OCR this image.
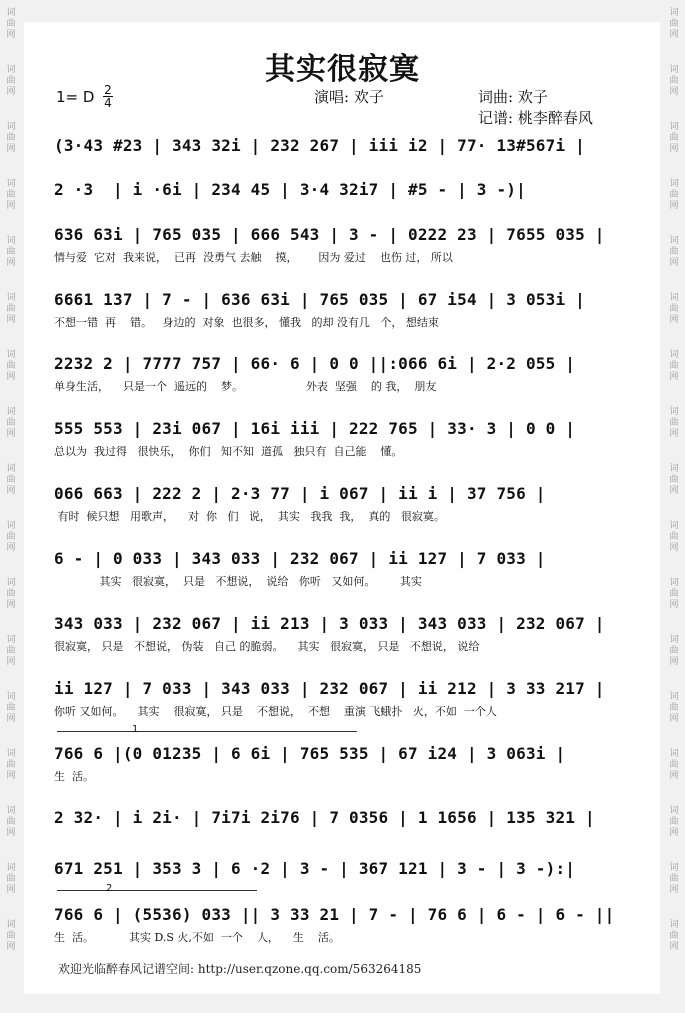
词
曲
网
词
曲
网
词
曲
网
词
曲
网
词
曲
网
词
曲
网
词
曲
网
词
曲
网
词
曲
网
词
曲
网
词
曲
网
词
曲
网
词
曲
网
词
曲
网
词
曲
网
词
曲
网
词
曲
网
词
曲
网
词
曲
网
词
曲
网
词
曲
网
词
曲
网
词
曲
网
词
曲
网
词
曲
网
词
曲
网
词
曲
网
词
曲
网
词
曲
网
词
曲
网
词
曲
网
词
曲
网
词
曲
网
词
曲
网
其实很寂寞
1= D 2
4	演唱: 欢子	词曲: 欢子
记谱: 桃李醉春风
(3·43 #23 | 343 32i | 232 267 | iii i2 | 77· 13#567i |
2 ·3  | i ·6i | 234 45 | 3·4 32i7 | #5 - | 3 -)|
636 63i | 765 035 | 666 543 | 3 - | 0222 23 | 7655 035 |
情与爱  它对  我来说，  已再  没勇气 去触    摸，      因为 爱过    也伤 过， 所以
6661 137 | 7 - | 636 63i | 765 035 | 67 i54 | 3 053i |
不想一错  再    错。   身边的  对象  也很多， 懂我   的却 没有几   个， 想结束
2232 2 | 7777 757 | 66· 6 | 0 0 ||:066 6i | 2·2 055 |
单身生活，    只是一个  遥远的    梦。                  外表  坚强    的 我，  朋友
555 553 | 23i 067 | 16i iii | 222 765 | 33· 3 | 0 0 |
总以为  我过得   很快乐，  你们   知不知  道孤   独只有  自己能    懂。
066 663 | 222 2 | 2·3 77 | i 067 | ii i | 37 756 |
有时  候只想   用歌声，    对  你   们   说，  其实   我我  我，  真的   很寂寞。
6 - | 0 033 | 343 033 | 232 067 | ii 127 | 7 033 |
其实   很寂寞，  只是   不想说，  说给   你听   又如何。       其实
343 033 | 232 067 | ii 213 | 3 033 | 343 033 | 232 067 |
很寂寞， 只是   不想说， 伪装   自己 的脆弱。    其实   很寂寞， 只是   不想说， 说给
ii 127 | 7 033 | 343 033 | 232 067 | ii 212 | 3 33 217 |
你听 又如何。    其实    很寂寞， 只是    不想说，  不想    重演 飞蛾扑   火，不如  一个人
1
766 6 |(0 01235 | 6 6i | 765 535 | 67 i24 | 3 063i |
生  活。
2 32· | i 2i· | 7i7i 2i76 | 7 0356 | 1 1656 | 135 321 |
671 251 | 353 3 | 6 ·2 | 3 - | 367 121 | 3 - | 3 -):|
2
766 6 | (5536) 033 || 3 33 21 | 7 - | 76 6 | 6 - | 6 - ||
生  活。          其实 D.S 火,不如  一个    人，    生    活。
欢迎光临醉春风记谱空间: http://user.qzone.qq.com/563264185
